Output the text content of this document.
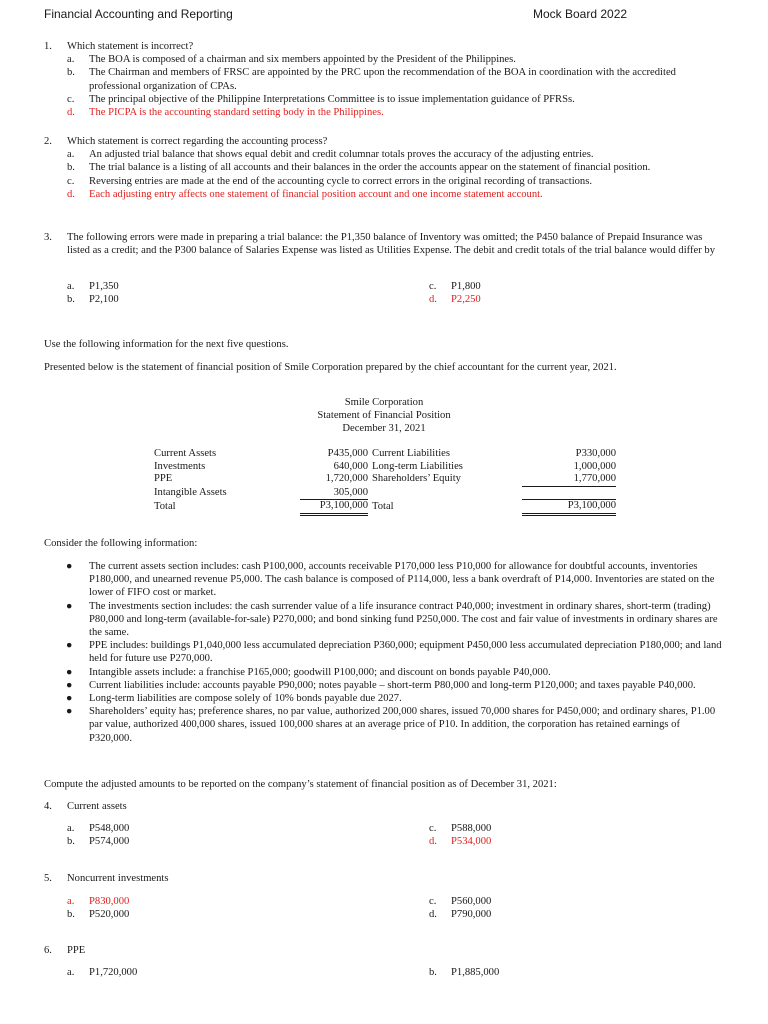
Financial Accounting and Reporting	Mock Board 2022
1. Which statement is incorrect?
a.	The BOA is composed of a chairman and six members appointed by the President of the Philippines.
b.	The Chairman and members of FRSC are appointed by the PRC upon the recommendation of the BOA in coordination with the accredited professional organization of CPAs.
c.	The principal objective of the Philippine Interpretations Committee is to issue implementation guidance of PFRSs.
d.	The PICPA is the accounting standard setting body in the Philippines.
2. Which statement is correct regarding the accounting process?
a.	An adjusted trial balance that shows equal debit and credit columnar totals proves the accuracy of the adjusting entries.
b.	The trial balance is a listing of all accounts and their balances in the order the accounts appear on the statement of financial position.
c.	Reversing entries are made at the end of the accounting cycle to correct errors in the original recording of transactions.
d.	Each adjusting entry affects one statement of financial position account and one income statement account.
3. The following errors were made in preparing a trial balance: the P1,350 balance of Inventory was omitted; the P450 balance of Prepaid Insurance was listed as a credit; and the P300 balance of Salaries Expense was listed as Utilities Expense. The debit and credit totals of the trial balance would differ by
a.	P1,350
b.	P2,100
c.	P1,800
d.	P2,250
Use the following information for the next five questions.
Presented below is the statement of financial position of Smile Corporation prepared by the chief accountant for the current year, 2021.
Smile Corporation
Statement of Financial Position
December 31, 2021
Current Assets	P435,000	Current Liabilities	P330,000
Investments	640,000	Long-term Liabilities	1,000,000
PPE	1,720,000	Shareholders’ Equity	1,770,000
Intangible Assets	305,000		
Total	P3,100,000	Total	P3,100,000
Consider the following information:
● The current assets section includes: cash P100,000, accounts receivable P170,000 less P10,000 for allowance for doubtful accounts, inventories P180,000, and unearned revenue P5,000. The cash balance is composed of P114,000, less a bank overdraft of P14,000. Inventories are stated on the lower of FIFO cost or market.
● The investments section includes: the cash surrender value of a life insurance contract P40,000; investment in ordinary shares, short-term (trading) P80,000 and long-term (available-for-sale) P270,000; and bond sinking fund P250,000. The cost and fair value of investments in ordinary shares are the same.
● PPE includes: buildings P1,040,000 less accumulated depreciation P360,000; equipment P450,000 less accumulated depreciation P180,000; and land held for future use P270,000.
● Intangible assets include: a franchise P165,000; goodwill P100,000; and discount on bonds payable P40,000.
● Current liabilities include: accounts payable P90,000; notes payable – short-term P80,000 and long-term P120,000; and taxes payable P40,000.
● Long-term liabilities are compose solely of 10% bonds payable due 2027.
● Shareholders’ equity has; preference shares, no par value, authorized 200,000 shares, issued 70,000 shares for P450,000; and ordinary shares, P1.00 par value, authorized 400,000 shares, issued 100,000 shares at an average price of P10. In addition, the corporation has retained earnings of P320,000.
Compute the adjusted amounts to be reported on the company’s statement of financial position as of December 31, 2021:
4. Current assets
a.	P548,000
b.	P574,000
c.	P588,000
d.	P534,000
5. Noncurrent investments
a.	P830,000
b.	P520,000
c.	P560,000
d.	P790,000
6. PPE
a.	P1,720,000	b.	P1,885,000
